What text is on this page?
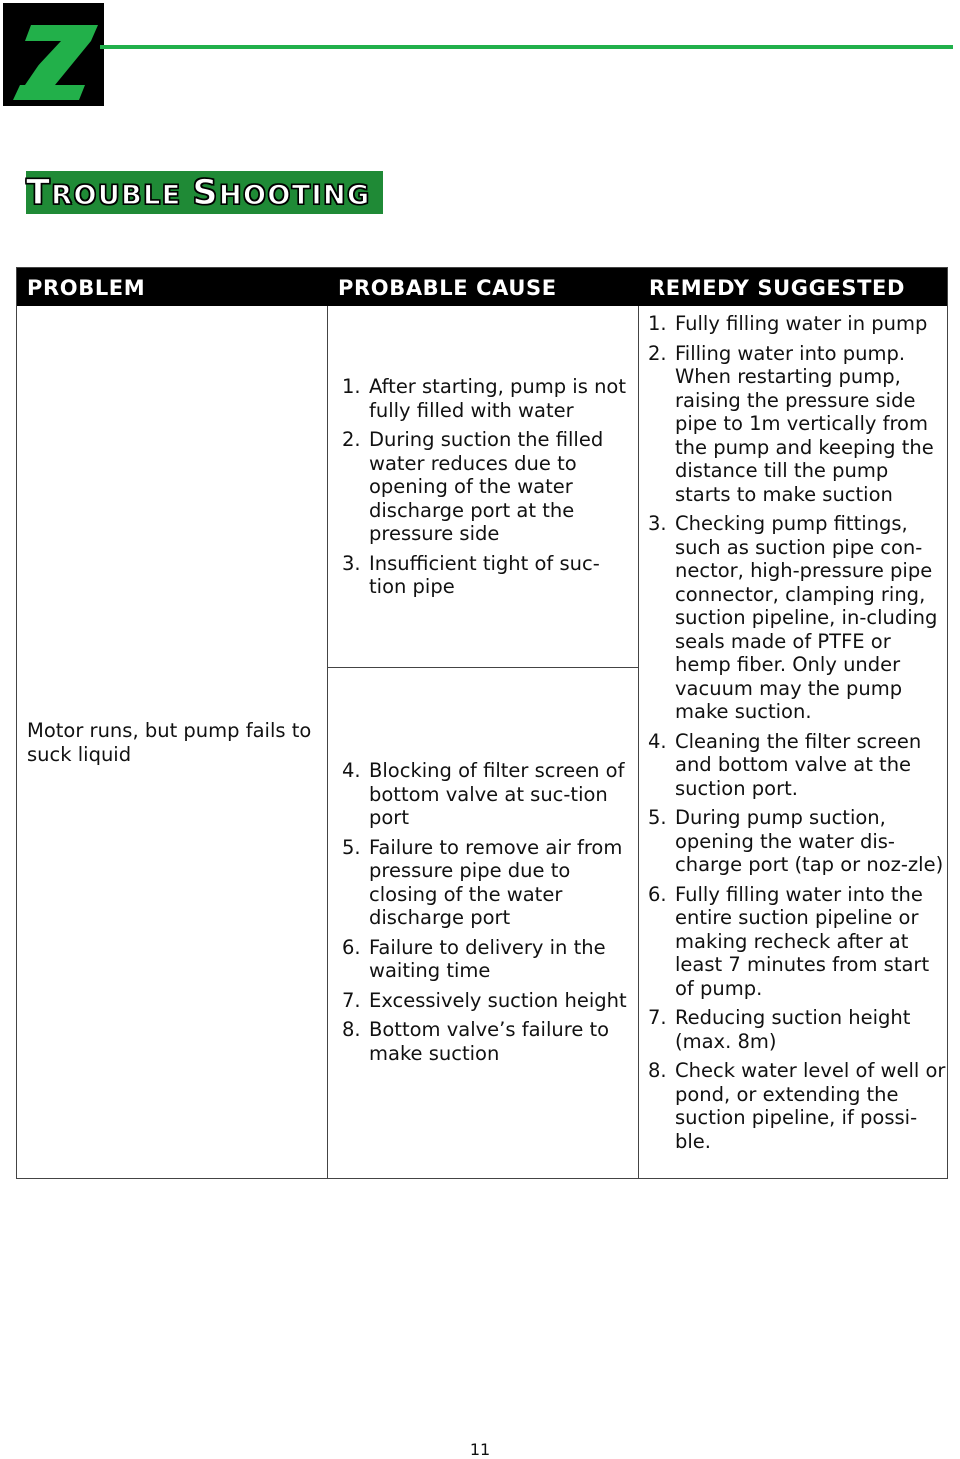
TROUBLE SHOOTING
PROBLEM	PROBABLE CAUSE	REMEDY SUGGESTED
Motor runs, but pump fails to suck liquid
1. After starting, pump is not fully filled with water
2. During suction the filled water reduces due to opening of the water discharge port at the pressure side
3. Insufficient tight of suc-tion pipe
4. Blocking of filter screen of bottom valve at suc-tion port
5. Failure to remove air from pressure pipe due to closing of the water discharge port
6. Failure to delivery in the waiting time
7. Excessively suction height
8. Bottom valve’s failure to make suction
1. Fully filling water in pump
2. Filling water into pump. When restarting pump, raising the pressure side pipe to 1m vertically from the pump and keeping the distance till the pump starts to make suction
3. Checking pump fittings, such as suction pipe con-nector, high-pressure pipe connector, clamping ring, suction pipeline, in-cluding seals made of PTFE or hemp fiber. Only under vacuum may the pump make suction.
4. Cleaning the filter screen and bottom valve at the suction port.
5. During pump suction, opening the water dis-charge port (tap or noz-zle)
6. Fully filling water into the entire suction pipeline or making recheck after at least 7 minutes from start of pump.
7. Reducing suction height (max. 8m)
8. Check water level of well or pond, or extending the suction pipeline, if possi-ble.
11
